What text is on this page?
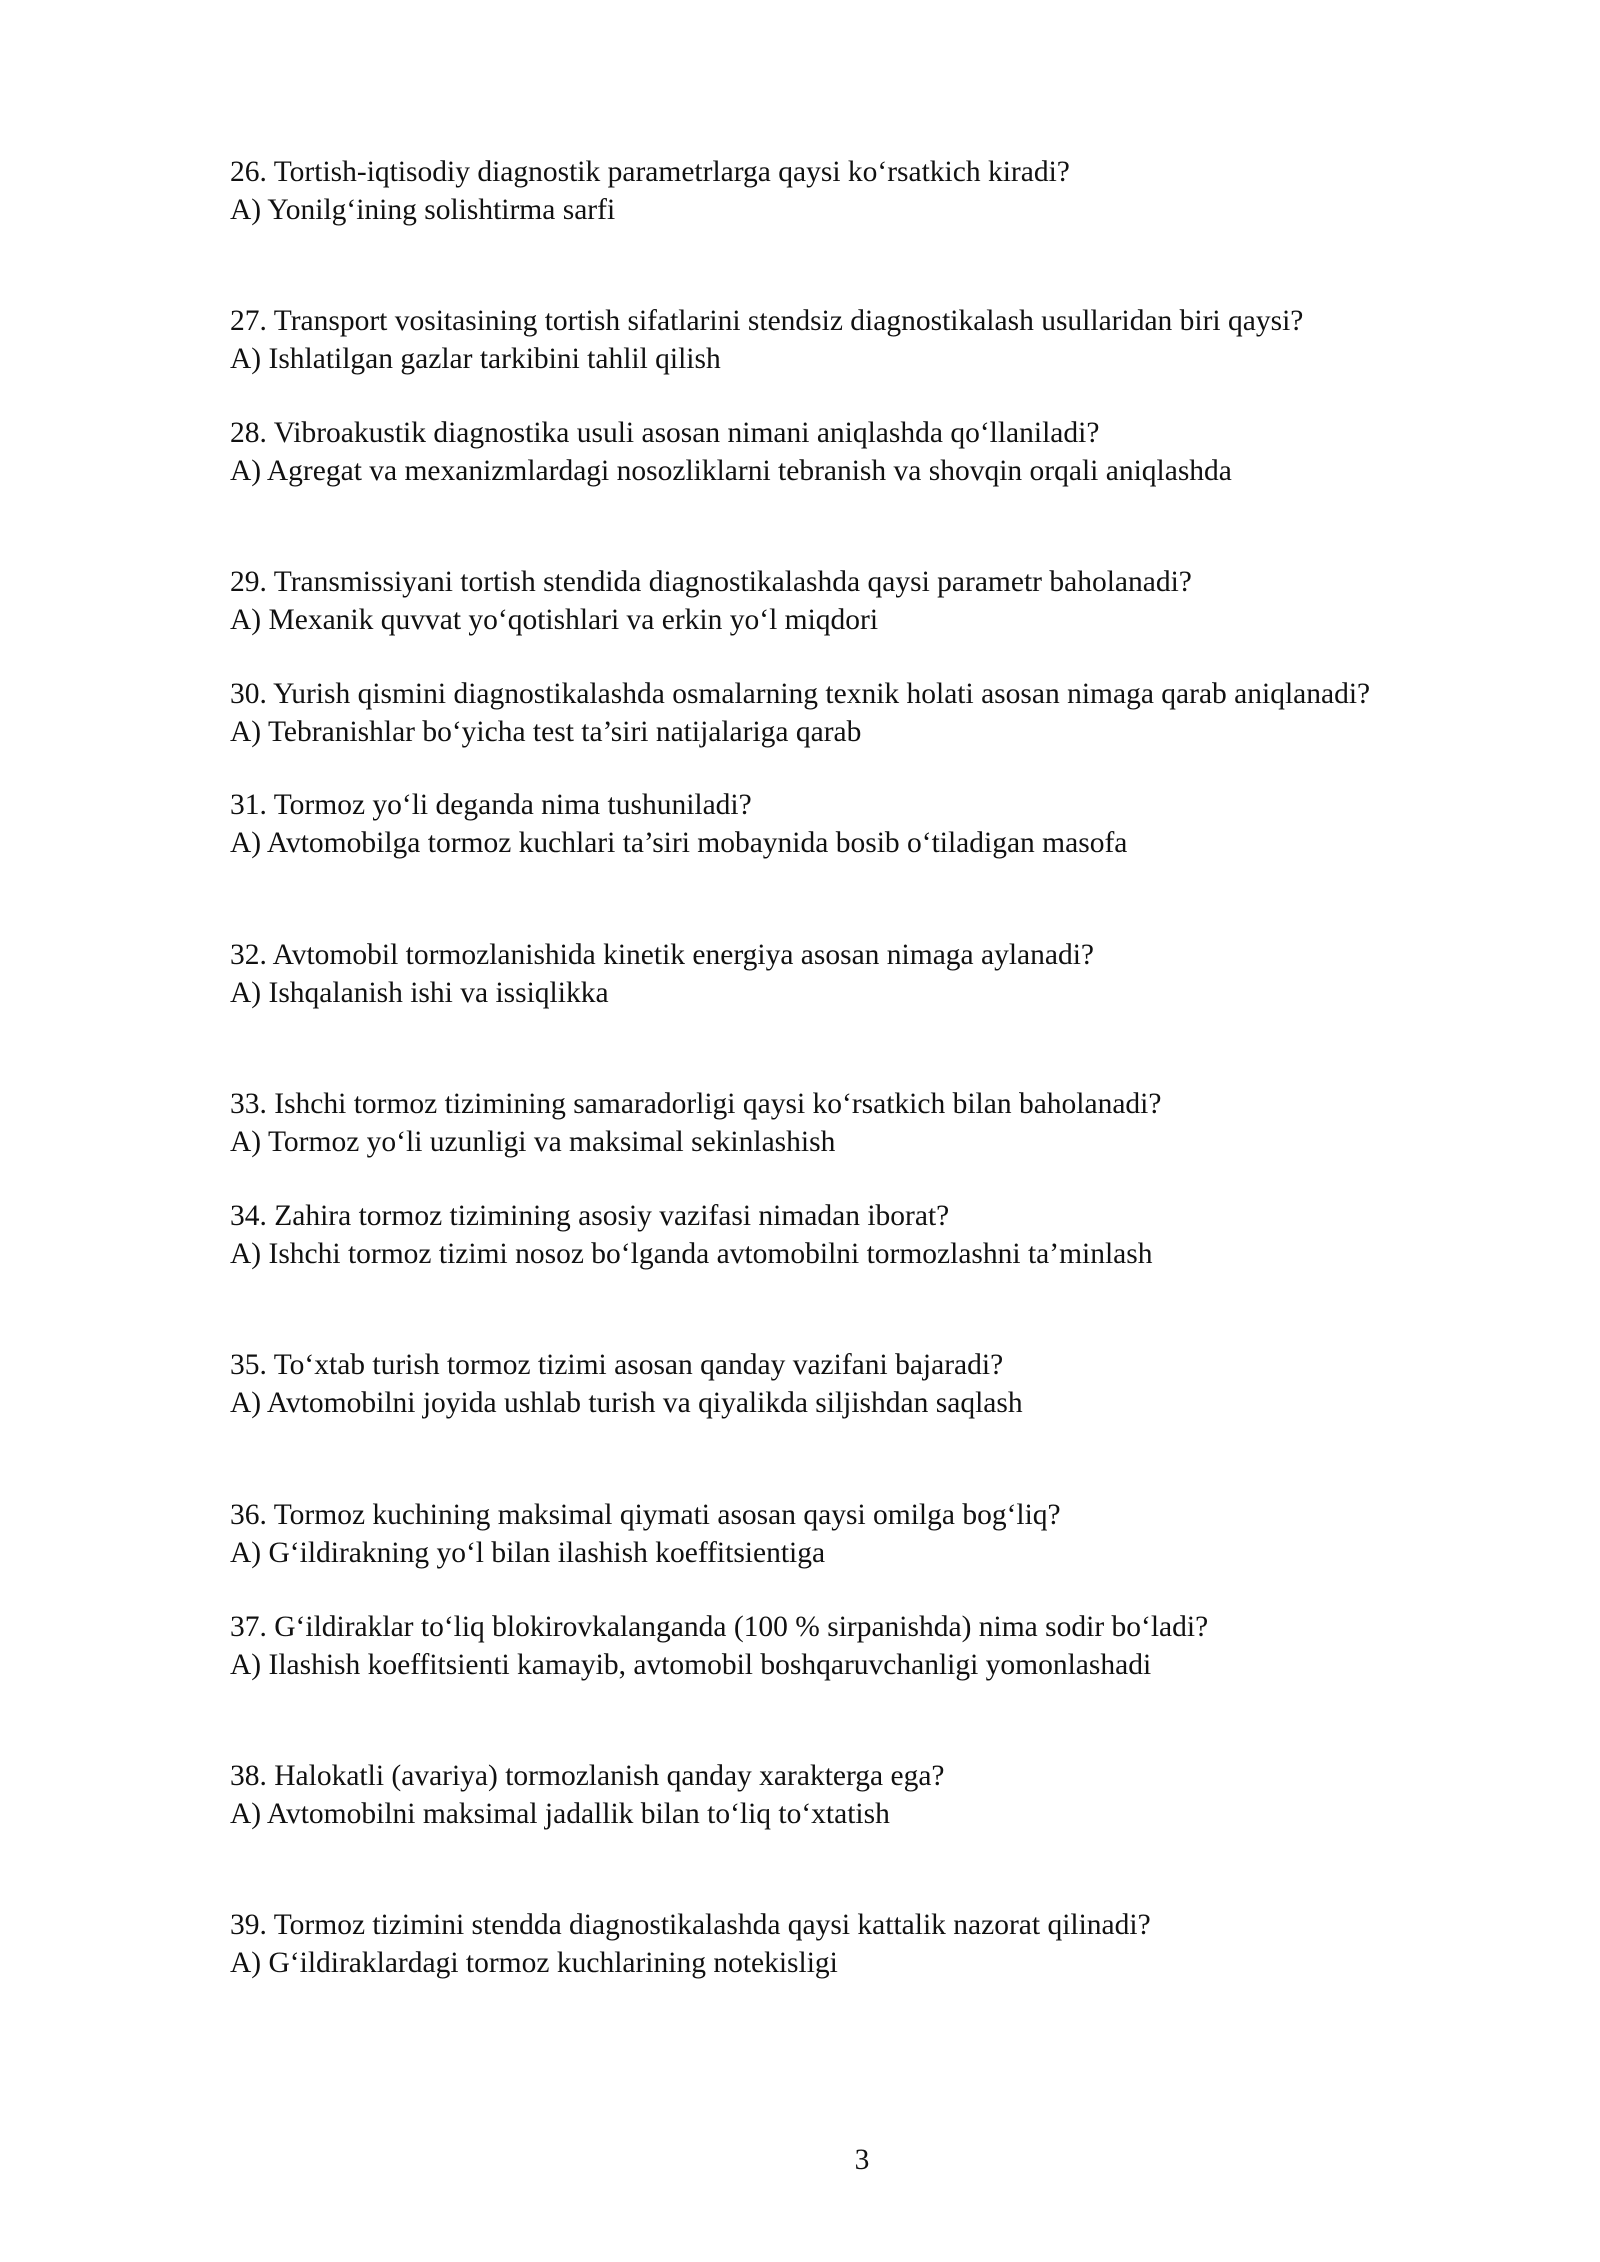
26. Tortish-iqtisodiy diagnostik parametrlarga qaysi ko‘rsatkich kiradi?

A) Yonilg‘ining solishtirma sarfi

27. Transport vositasining tortish sifatlarini stendsiz diagnostikalash usullaridan biri qaysi?

A) Ishlatilgan gazlar tarkibini tahlil qilish

28. Vibroakustik diagnostika usuli asosan nimani aniqlashda qo‘llaniladi?

A) Agregat va mexanizmlardagi nosozliklarni tebranish va shovqin orqali aniqlashda

29. Transmissiyani tortish stendida diagnostikalashda qaysi parametr baholanadi?

A) Mexanik quvvat yo‘qotishlari va erkin yo‘l miqdori

30. Yurish qismini diagnostikalashda osmalarning texnik holati asosan nimaga qarab aniqlanadi?

A) Tebranishlar bo‘yicha test ta’siri natijalariga qarab

31. Tormoz yo‘li deganda nima tushuniladi?

A) Avtomobilga tormoz kuchlari ta’siri mobaynida bosib o‘tiladigan masofa

32. Avtomobil tormozlanishida kinetik energiya asosan nimaga aylanadi?

A) Ishqalanish ishi va issiqlikka

33. Ishchi tormoz tizimining samaradorligi qaysi ko‘rsatkich bilan baholanadi?

A) Tormoz yo‘li uzunligi va maksimal sekinlashish

34. Zahira tormoz tizimining asosiy vazifasi nimadan iborat?

A) Ishchi tormoz tizimi nosoz bo‘lganda avtomobilni tormozlashni ta’minlash

35. To‘xtab turish tormoz tizimi asosan qanday vazifani bajaradi?

A) Avtomobilni joyida ushlab turish va qiyalikda siljishdan saqlash

36. Tormoz kuchining maksimal qiymati asosan qaysi omilga bog‘liq?

A) G‘ildirakning yo‘l bilan ilashish koeffitsientiga

37. G‘ildiraklar to‘liq blokirovkalanganda (100 % sirpanishda) nima sodir bo‘ladi?

A) Ilashish koeffitsienti kamayib, avtomobil boshqaruvchanligi yomonlashadi

38. Halokatli (avariya) tormozlanish qanday xarakterga ega?

A) Avtomobilni maksimal jadallik bilan to‘liq to‘xtatish

39. Tormoz tizimini stendda diagnostikalashda qaysi kattalik nazorat qilinadi?

A) G‘ildiraklardagi tormoz kuchlarining notekisligi

3
